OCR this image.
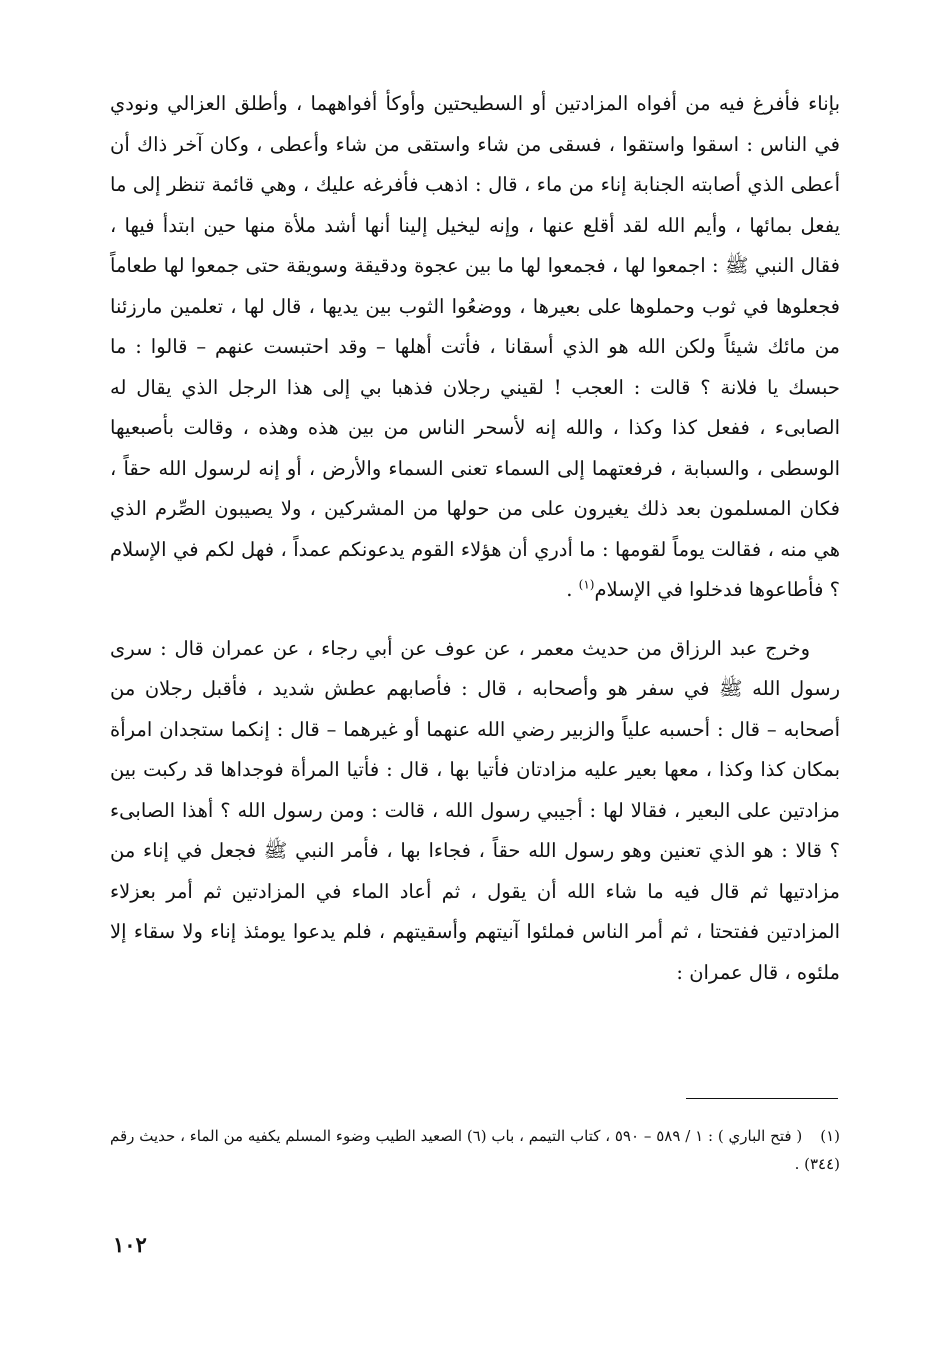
بإناء فأفرغ فيه من أفواه المزادتين أو السطيحتين وأوكأ أفواههما ، وأطلق العزالي ونودي في الناس : اسقوا واستقوا ، فسقى من شاء واستقى من شاء وأعطى ، وكان آخر ذاك أن أعطى الذي أصابته الجنابة إناء من ماء ، قال : اذهب فأفرغه عليك ، وهي قائمة تنظر إلى ما يفعل بمائها ، وأيم الله لقد أقلع عنها ، وإنه ليخيل إلينا أنها أشد ملأة منها حين ابتدأ فيها ، فقال النبي ﷺ : اجمعوا لها ، فجمعوا لها ما بين عجوة ودقيقة وسويقة حتى جمعوا لها طعاماً فجعلوها في ثوب وحملوها على بعيرها ، ووضعُوا الثوب بين يديها ، قال لها ، تعلمين مارزئنا من مائك شيئاً ولكن الله هو الذي أسقانا ، فأتت أهلها – وقد احتبست عنهم – قالوا : ما حبسك يا فلانة ؟ قالت : العجب ! لقيني رجلان فذهبا بي إلى هذا الرجل الذي يقال له الصابىء ، ففعل كذا وكذا ، والله إنه لأسحر الناس من بين هذه وهذه ، وقالت بأصبعيها الوسطى ، والسبابة ، فرفعتهما إلى السماء تعنى السماء والأرض ، أو إنه لرسول الله حقاً ، فكان المسلمون بعد ذلك يغيرون على من حولها من المشركين ، ولا يصيبون الصِّرم الذي هي منه ، فقالت يوماً لقومها : ما أدري أن هؤلاء القوم يدعونكم عمداً ، فهل لكم في الإسلام ؟ فأطاعوها فدخلوا في الإسلام$^{(١)}$ .

وخرج عبد الرزاق من حديث معمر ، عن عوف عن أبي رجاء ، عن عمران قال : سرى رسول الله ﷺ في سفر هو وأصحابه ، قال : فأصابهم عطش شديد ، فأقبل رجلان من أصحابه – قال : أحسبه علياً والزبير رضي الله عنهما أو غيرهما – قال : إنكما ستجدان امرأة بمكان كذا وكذا ، معها بعير عليه مزادتان فأتيا بها ، قال : فأتيا المرأة فوجداها قد ركبت بين مزادتين على البعير ، فقالا لها : أجيبي رسول الله ، قالت : ومن رسول الله ؟ أهذا الصابىء ؟ قالا : هو الذي تعنين وهو رسول الله حقاً ، فجاءا بها ، فأمر النبي ﷺ فجعل في إناء من مزادتيها ثم قال فيه ما شاء الله أن يقول ، ثم أعاد الماء في المزادتين ثم أمر بعزلاء المزادتين ففتحتا ، ثم أمر الناس فملئوا آنيتهم وأسقيتهم ، فلم يدعوا يومئذ إناء ولا سقاء إلا ملئوه ، قال عمران :

(١)( فتح الباري ) : ١ / ٥٨٩ – ٥٩٠ ، كتاب التيمم ، باب (٦) الصعيد الطيب وضوء المسلم يكفيه من الماء ، حديث رقم (٣٤٤) .
١٠٢
